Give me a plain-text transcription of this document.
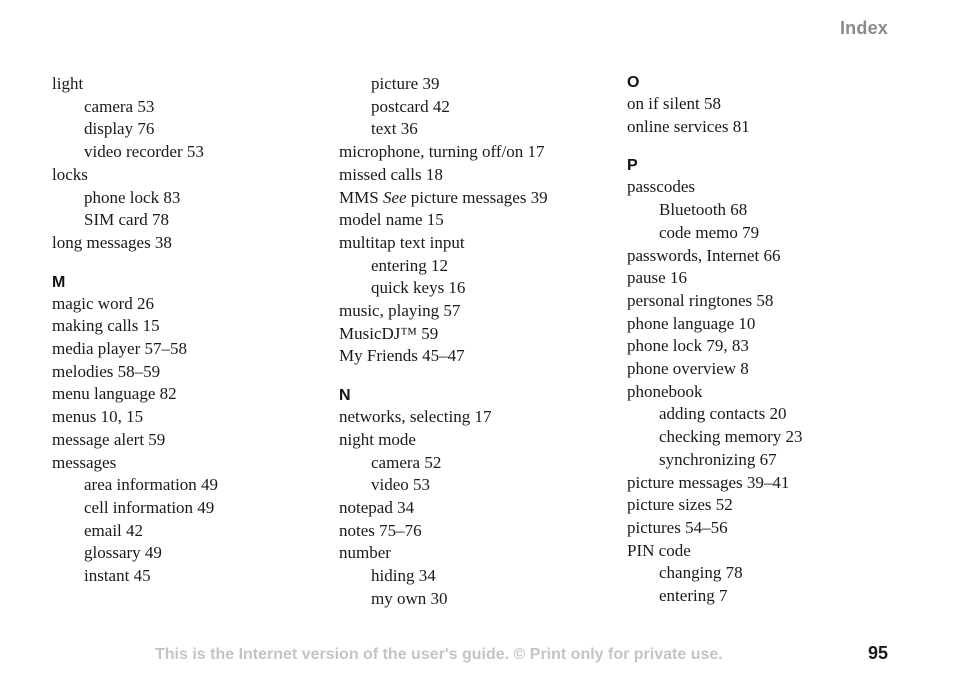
Index
light
camera 53
display 76
video recorder 53
locks
phone lock 83
SIM card 78
long messages 38
M
magic word 26
making calls 15
media player 57–58
melodies 58–59
menu language 82
menus 10, 15
message alert 59
messages
area information 49
cell information 49
email 42
glossary 49
instant 45
picture 39
postcard 42
text 36
microphone, turning off/on 17
missed calls 18
MMS See picture messages 39
model name 15
multitap text input
entering 12
quick keys 16
music, playing 57
MusicDJ™ 59
My Friends 45–47
N
networks, selecting 17
night mode
camera 52
video 53
notepad 34
notes 75–76
number
hiding 34
my own 30
O
on if silent 58
online services 81
P
passcodes
Bluetooth 68
code memo 79
passwords, Internet 66
pause 16
personal ringtones 58
phone language 10
phone lock 79, 83
phone overview 8
phonebook
adding contacts 20
checking memory 23
synchronizing 67
picture messages 39–41
picture sizes 52
pictures 54–56
PIN code
changing 78
entering 7
This is the Internet version of the user's guide. © Print only for private use.	95
